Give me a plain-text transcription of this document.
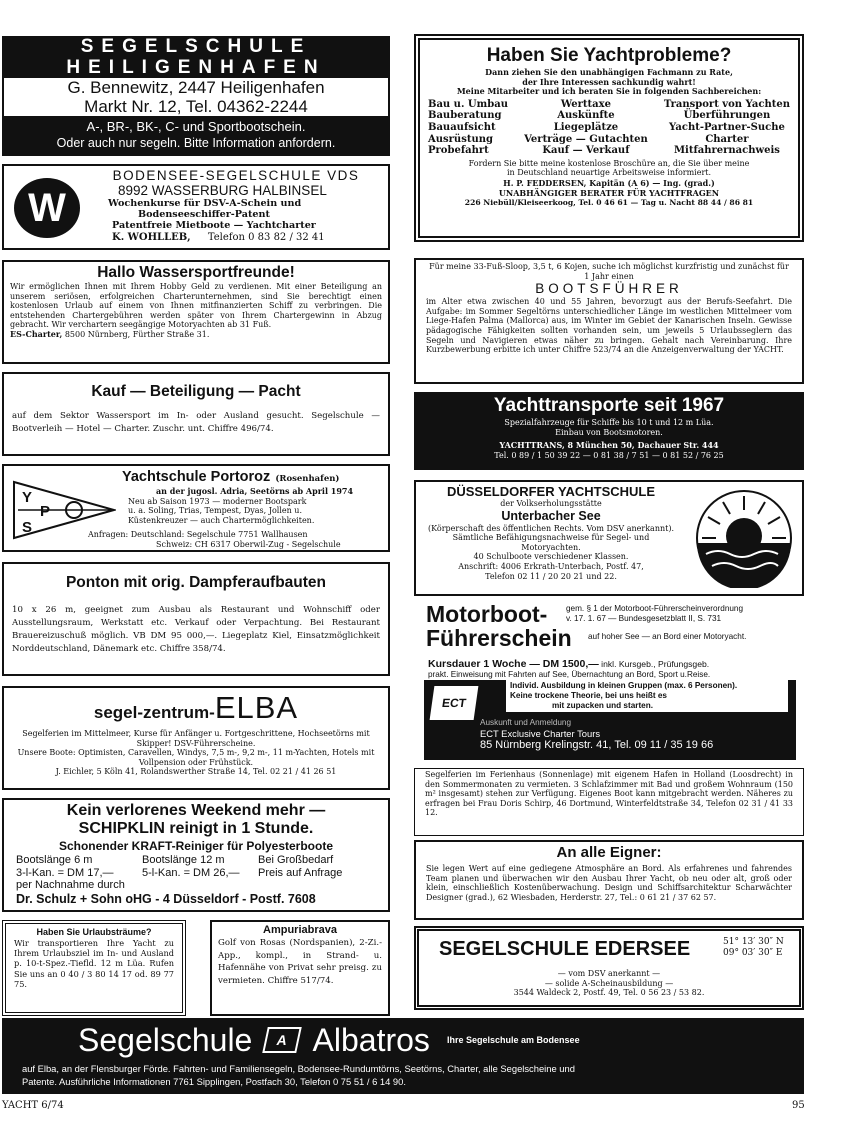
SEGELSCHULE
HEILIGENHAFEN
G. Bennewitz, 2447 Heiligenhafen
Markt Nr. 12, Tel. 04362-2244
A-, BR-, BK-, C- und Sportbootschein.
Oder auch nur segeln. Bitte Information anfordern.
W
BODENSEE-SEGELSCHULE VDS
8992 WASSERBURG HALBINSEL
Wochenkurse für DSV-A-Schein und
Bodenseeschiffer-Patent
Patentfreie Mietboote — Yachtcharter
K. WOHLLEB, Telefon 0 83 82 / 32 41
Hallo Wassersportfreunde!

Wir ermöglichen Ihnen mit Ihrem Hobby Geld zu verdienen. Mit einer Beteiligung an unserem seriösen, erfolgreichen Charterunternehmen, sind Sie berechtigt einen kostenlosen Urlaub auf einem von Ihnen mitfinanzierten Schiff zu verbringen. Die entstehenden Chartergebühren werden später von Ihrem Chartergewinn in Abzug gebracht. Wir verchartern seegängige Motoryachten ab 31 Fuß.

ES-Charter, 8500 Nürnberg, Fürther Straße 31.

Kauf — Beteiligung — Pacht

auf dem Sektor Wassersport im In- oder Ausland gesucht. Segelschule — Bootverleih — Hotel — Charter. Zuschr. unt. Chiffre 496/74.

Y
S
P
Yachtschule Portoroz (Rosenhafen)
an der jugosl. Adria, Seetörns ab April 1974
Neu ab Saison 1973 — moderner Bootspark
u. a. Soling, Trias, Tempest, Dyas, Jollen u.
Küstenkreuzer — auch Chartermöglichkeiten.
Anfragen: Deutschland: Segelschule 7751 Wallhausen
Schweiz: CH 6317 Oberwil-Zug - Segelschule
Ponton mit orig. Dampferaufbauten

10 x 26 m, geeignet zum Ausbau als Restaurant und Wohnschiff oder Ausstellungsraum, Werkstatt etc. Verkauf oder Verpachtung. Bei Restaurant Brauereizuschuß möglich. VB DM 95 000,—. Liegeplatz Kiel, Einsatzmöglichkeit Norddeutschland, Dänemark etc. Chiffre 358/74.

segel-zentrum-ELBA

Segelferien im Mittelmeer, Kurse für Anfänger u. Fortgeschrittene, Hochseetörns mit Skipper! DSV-Führerscheine.

Unsere Boote: Optimisten, Caravellen, Windys, 7,5 m-, 9,2 m-, 11 m-Yachten, Hotels mit Vollpension oder Frühstück.

J. Eichler, 5 Köln 41, Rolandswerther Straße 14, Tel. 02 21 / 41 26 51

Kein verlorenes Weekend mehr —
SCHIPKLIN reinigt in 1 Stunde.
Schonender KRAFT-Reiniger für Polyesterboote
Bootslänge 6 m
3-l-Kan. = DM 17,—
Bootslänge 12 m
5-l-Kan. = DM 26,—
Bei Großbedarf
Preis auf Anfrage
per Nachnahme durch
Dr. Schulz + Sohn oHG - 4 Düsseldorf - Postf. 7608
Haben Sie Urlaubsträume?

Wir transportieren Ihre Yacht zu Ihrem Urlaubsziel im In- und Ausland p. 10-t-Spez.-Tiefld. 12 m Lüa. Rufen Sie uns an 0 40 / 3 80 14 17 od. 89 77 75.

Ampuriabrava

Golf von Rosas (Nordspanien), 2-Zi.-App., kompl., in Strand- u. Hafennähe von Privat sehr preisg. zu vermieten. Chiffre 517/74.

Haben Sie Yachtprobleme?
Dann ziehen Sie den unabhängigen Fachmann zu Rate,
der Ihre Interessen sachkundig wahrt!
Meine Mitarbeiter und ich beraten Sie in folgenden Sachbereichen:
Bau u. Umbau
Bauberatung
Bauaufsicht
Ausrüstung
Probefahrt
Werttaxe
Auskünfte
Liegeplätze
Verträge — Gutachten
Kauf — Verkauf
Transport von Yachten
Überführungen
Yacht-Partner-Suche
Charter
Mitfahrernachweis
Fordern Sie bitte meine kostenlose Broschüre an, die Sie über meine
in Deutschland neuartige Arbeitsweise informiert.
H. P. FEDDERSEN, Kapitän (A 6) — Ing. (grad.)
UNABHÄNGIGER BERATER FÜR YACHTFRAGEN
226 Niebüll/Kleiseerkoog, Tel. 0 46 61 — Tag u. Nacht 88 44 / 86 81

Für meine 33-Fuß-Sloop, 3,5 t, 6 Kojen, suche ich möglichst kurzfristig und zunächst für 1 Jahr einen

BOOTSFÜHRER

im Alter etwa zwischen 40 und 55 Jahren, bevorzugt aus der Berufs-Seefahrt. Die Aufgabe: im Sommer Segeltörns unterschiedlicher Länge im westlichen Mittelmeer vom Liege-Hafen Palma (Mallorca) aus, im Winter im Gebiet der Kanarischen Inseln. Gewisse pädagogische Fähigkeiten sollten vorhanden sein, um jeweils 5 Urlaubsseglern das Segeln und Navigieren etwas näher zu bringen. Gehalt nach Vereinbarung. Ihre Kurzbewerbung erbitte ich unter Chiffre 523/74 an die Anzeigenverwaltung der YACHT.

Yachttransporte seit 1967
Spezialfahrzeuge für Schiffe bis 10 t und 12 m Lüa.
Einbau von Bootsmotoren.
YACHTTRANS, 8 München 50, Dachauer Str. 444
Tel. 0 89 / 1 50 39 22 — 0 81 38 / 7 51 — 0 81 52 / 76 25
DÜSSELDORFER YACHTSCHULE
der Volkserholungsstätte
Unterbacher See
(Körperschaft des öffentlichen Rechts. Vom DSV anerkannt).
Sämtliche Befähigungsnachweise für Segel- und Motoryachten.
40 Schulboote verschiedener Klassen.
Anschrift: 4006 Erkrath-Unterbach, Postf. 47,
Telefon 02 11 / 20 20 21 und 22.
Motorboot-
Führerschein
gem. § 1 der Motorboot-Führerscheinverordnung
v. 17. 1. 67 — Bundesgesetzblatt II, S. 731
auf hoher See — an Bord einer Motoryacht.
Kursdauer 1 Woche — DM 1500,— inkl. Kursgeb., Prüfungsgeb.
prakt. Einweisung mit Fahrten auf See, Übernachtung an Bord, Sport u.Reise.
ECT
Individ. Ausbildung in kleinen Gruppen (max. 6 Personen).
Keine trockene Theorie, bei uns heißt es
mit zupacken und starten.
Auskunft und Anmeldung
ECT Exclusive Charter Tours
85 Nürnberg Krelingstr. 41, Tel. 09 11 / 35 19 66

Segelferien im Ferienhaus (Sonnenlage) mit eigenem Hafen in Holland (Loosdrecht) in den Sommermonaten zu vermieten. 3 Schlafzimmer mit Bad und großem Wohnraum (150 m² insgesamt) stehen zur Verfügung. Eigenes Boot kann mitgebracht werden. Näheres zu erfragen bei Frau Doris Schirp, 46 Dortmund, Winterfeldtstraße 34, Telefon 02 31 / 41 33 12.

An alle Eigner:

Sie legen Wert auf eine gediegene Atmosphäre an Bord. Als erfahrenes und fahrendes Team planen und überwachen wir den Ausbau Ihrer Yacht, ob neu oder alt, groß oder klein, einschließlich Kostenüberwachung. Design und Schiffsarchitektur Scharwächter Designer (grad.), 62 Wiesbaden, Herderstr. 27, Tel.: 0 61 21 / 37 62 57.

SEGELSCHULE EDERSEE	51° 13′ 30″ N
09° 03′ 30″ E
— vom DSV anerkannt —
— solide A-Scheinausbildung —
3544 Waldeck 2, Postf. 49, Tel. 0 56 23 / 53 82.
Segelschule A Albatros Ihre Segelschule am Bodensee
auf Elba, an der Flensburger Förde. Fahrten- und Familiensegeln, Bodensee-Rundumtörns, Seetörns, Charter, alle Segelscheine und
Patente. Ausführliche Informationen 7761 Sipplingen, Postfach 30, Telefon 0 75 51 / 6 14 90.
YACHT 6/74	95
